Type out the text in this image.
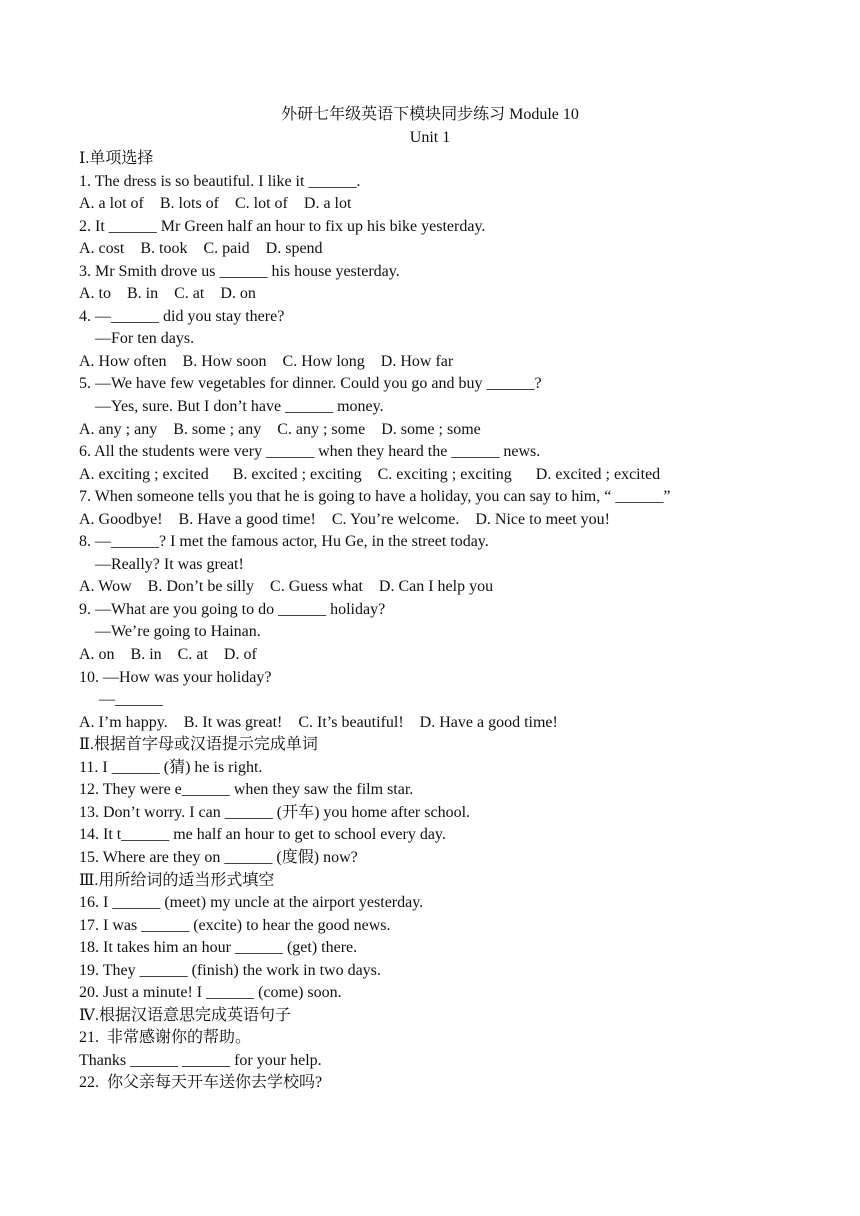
外研七年级英语下模块同步练习 Module 10
Unit 1
Ⅰ.单项选择
1. The dress is so beautiful. I like it ______.
A. a lot of    B. lots of    C. lot of    D. a lot
2. It ______ Mr Green half an hour to fix up his bike yesterday.
A. cost    B. took    C. paid    D. spend
3. Mr Smith drove us ______ his house yesterday.
A. to    B. in    C. at    D. on
4. —______ did you stay there?
—For ten days.
A. How often    B. How soon    C. How long    D. How far
5. —We have few vegetables for dinner. Could you go and buy ______?
—Yes, sure. But I don’t have ______ money.
A. any ; any    B. some ; any    C. any ; some    D. some ; some
6. All the students were very ______ when they heard the ______ news.
A. exciting ; excited      B. excited ; exciting    C. exciting ; exciting      D. excited ; excited
7. When someone tells you that he is going to have a holiday, you can say to him, “ ______”
A. Goodbye!    B. Have a good time!    C. You’re welcome.    D. Nice to meet you!
8. —______? I met the famous actor, Hu Ge, in the street today.
—Really? It was great!
A. Wow    B. Don’t be silly    C. Guess what    D. Can I help you
9. —What are you going to do ______ holiday?
—We’re going to Hainan.
A. on    B. in    C. at    D. of
10. —How was your holiday?
—______
A. I’m happy.    B. It was great!    C. It’s beautiful!    D. Have a good time!
Ⅱ.根据首字母或汉语提示完成单词
11. I ______ (猜) he is right.
12. They were e______ when they saw the film star.
13. Don’t worry. I can ______ (开车) you home after school.
14. It t______ me half an hour to get to school every day.
15. Where are they on ______ (度假) now?
Ⅲ.用所给词的适当形式填空
16. I ______ (meet) my uncle at the airport yesterday.
17. I was ______ (excite) to hear the good news.
18. It takes him an hour ______ (get) there.
19. They ______ (finish) the work in two days.
20. Just a minute! I ______ (come) soon.
Ⅳ.根据汉语意思完成英语句子
21.  非常感谢你的帮助。
Thanks ______ ______ for your help.
22.  你父亲每天开车送你去学校吗?
